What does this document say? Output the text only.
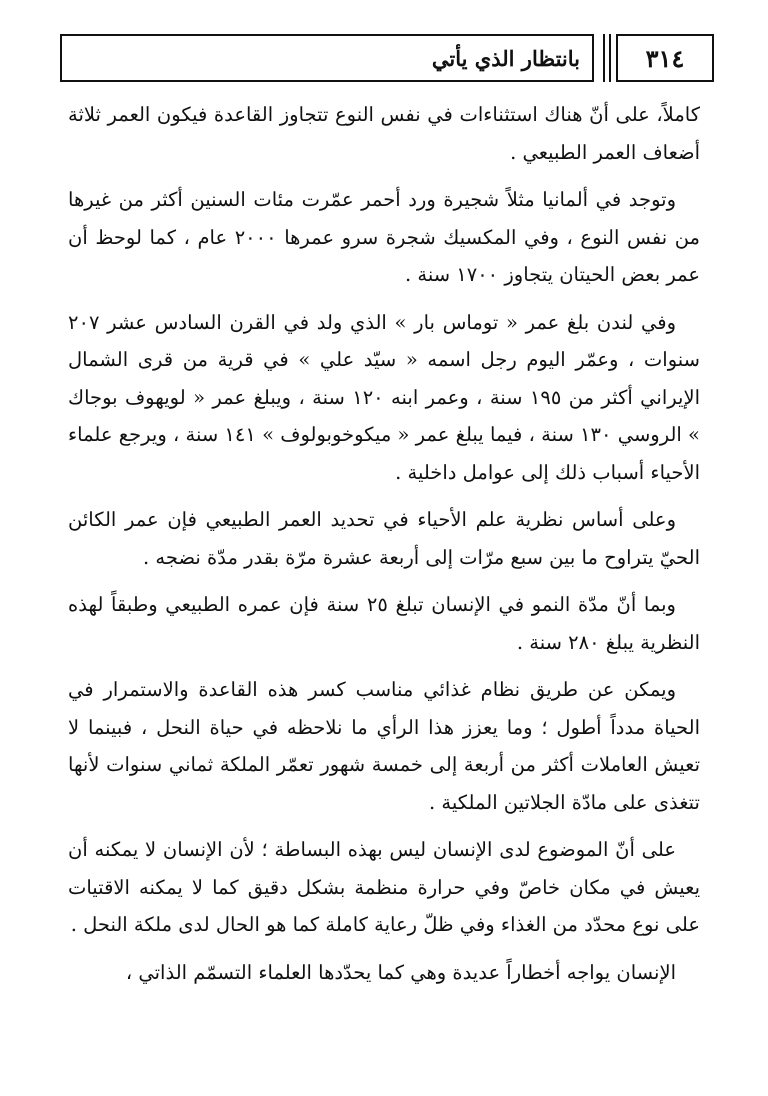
بانتظار الذي يأتي	٣١٤

كاملاً، على أنّ هناك استثناءات في نفس النوع تتجاوز القاعدة فيكون العمر ثلاثة أضعاف العمر الطبيعي .

وتوجد في ألمانيا مثلاً شجيرة ورد أحمر عمّرت مئات السنين أكثر من غيرها من نفس النوع ، وفي المكسيك شجرة سرو عمرها ٢٠٠٠ عام ، كما لوحظ أن عمر بعض الحيتان يتجاوز ١٧٠٠ سنة .

وفي لندن بلغ عمر « توماس بار » الذي ولد في القرن السادس عشر ٢٠٧ سنوات ، وعمّر اليوم رجل اسمه « سيّد علي » في قرية من قرى الشمال الإيراني أكثر من ١٩٥ سنة ، وعمر ابنه ١٢٠ سنة ، ويبلغ عمر « لويهوف بوجاك » الروسي ١٣٠ سنة ، فيما يبلغ عمر « ميكوخوبولوف » ١٤١ سنة ، ويرجع علماء الأحياء أسباب ذلك إلى عوامل داخلية .

وعلى أساس نظرية علم الأحياء في تحديد العمر الطبيعي فإن عمر الكائن الحيّ يتراوح ما بين سبع مرّات إلى أربعة عشرة مرّة بقدر مدّة نضجه .

وبما أنّ مدّة النمو في الإنسان تبلغ ٢٥ سنة فإن عمره الطبيعي وطبقاً لهذه النظرية يبلغ ٢٨٠ سنة .

ويمكن عن طريق نظام غذائي مناسب كسر هذه القاعدة والاستمرار في الحياة مدداً أطول ؛ وما يعزز هذا الرأي ما نلاحظه في حياة النحل ، فبينما لا تعيش العاملات أكثر من أربعة إلى خمسة شهور تعمّر الملكة ثماني سنوات لأنها تتغذى على مادّة الجلاتين الملكية .

على أنّ الموضوع لدى الإنسان ليس بهذه البساطة ؛ لأن الإنسان لا يمكنه أن يعيش في مكان خاصّ وفي حرارة منظمة بشكل دقيق كما لا يمكنه الاقتيات على نوع محدّد من الغذاء وفي ظلّ رعاية كاملة كما هو الحال لدى ملكة النحل .

الإنسان يواجه أخطاراً عديدة وهي كما يحدّدها العلماء التسمّم الذاتي ،
